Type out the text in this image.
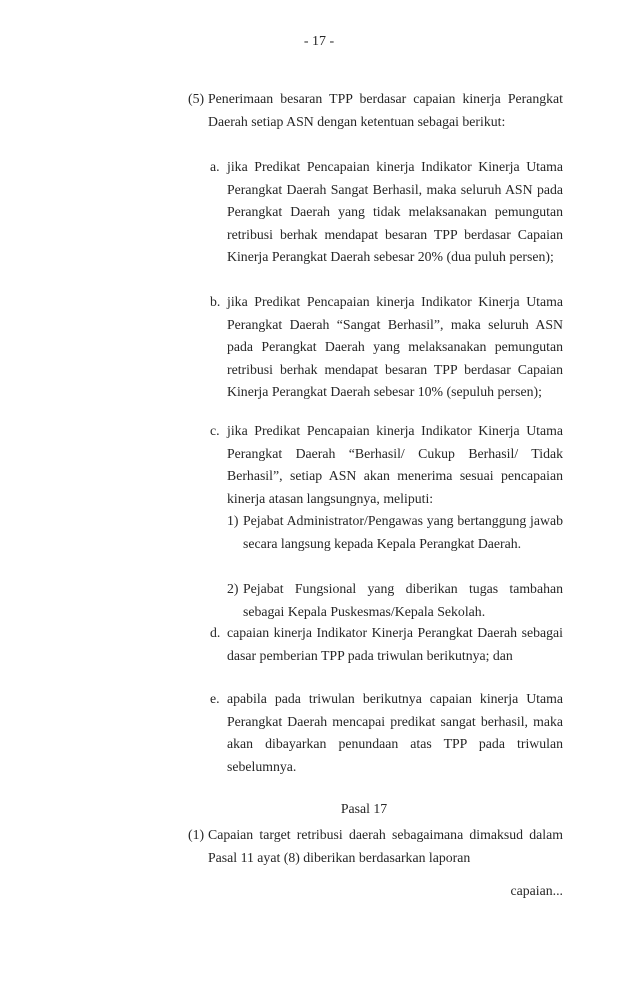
- 17 -
(5) Penerimaan besaran TPP berdasar capaian kinerja Perangkat Daerah setiap ASN dengan ketentuan sebagai berikut:
a. jika Predikat Pencapaian kinerja Indikator Kinerja Utama Perangkat Daerah Sangat Berhasil, maka seluruh ASN pada Perangkat Daerah yang tidak melaksanakan pemungutan retribusi berhak mendapat besaran TPP berdasar Capaian Kinerja Perangkat Daerah sebesar 20% (dua puluh persen);
b. jika Predikat Pencapaian kinerja Indikator Kinerja Utama Perangkat Daerah “Sangat Berhasil”, maka seluruh ASN pada Perangkat Daerah yang melaksanakan pemungutan retribusi berhak mendapat besaran TPP berdasar Capaian Kinerja Perangkat Daerah sebesar 10% (sepuluh persen);
c. jika Predikat Pencapaian kinerja Indikator Kinerja Utama Perangkat Daerah “Berhasil/ Cukup Berhasil/ Tidak Berhasil”, setiap ASN akan menerima sesuai pencapaian kinerja atasan langsungnya, meliputi:
1) Pejabat Administrator/Pengawas yang bertanggung jawab secara langsung kepada Kepala Perangkat Daerah.
2) Pejabat Fungsional yang diberikan tugas tambahan sebagai Kepala Puskesmas/Kepala Sekolah.
d. capaian kinerja Indikator Kinerja Perangkat Daerah sebagai dasar pemberian TPP pada triwulan berikutnya; dan
e. apabila pada triwulan berikutnya capaian kinerja Utama Perangkat Daerah mencapai predikat sangat berhasil, maka akan dibayarkan penundaan atas TPP pada triwulan sebelumnya.
Pasal 17
(1) Capaian target retribusi daerah sebagaimana dimaksud dalam Pasal 11 ayat (8) diberikan berdasarkan laporan
capaian...
